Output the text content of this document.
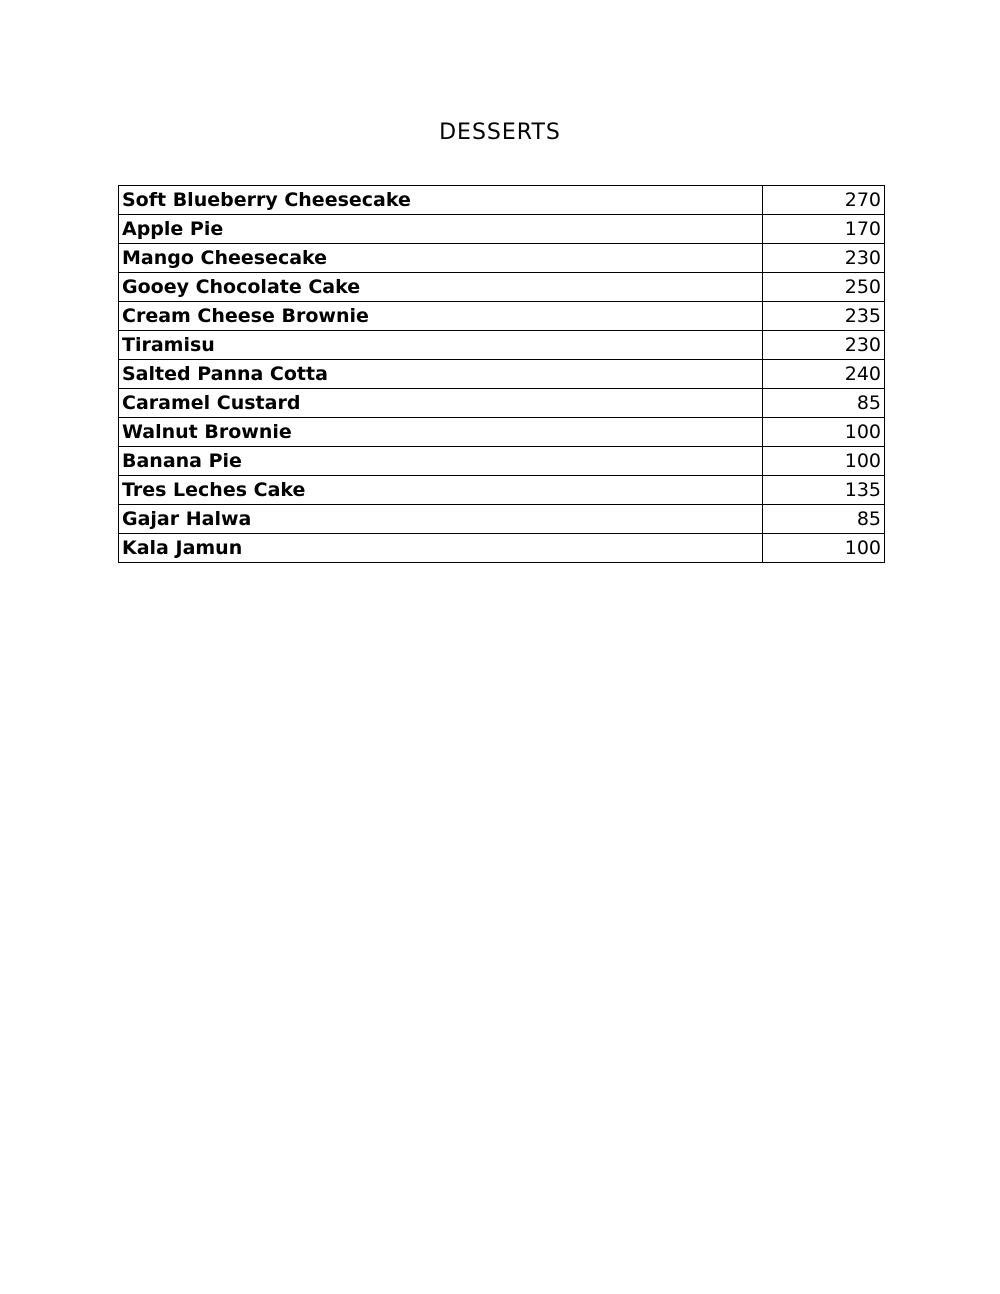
DESSERTS
Soft Blueberry Cheesecake	270
Apple Pie	170
Mango Cheesecake	230
Gooey Chocolate Cake	250
Cream Cheese Brownie	235
Tiramisu	230
Salted Panna Cotta	240
Caramel Custard	85
Walnut Brownie	100
Banana Pie	100
Tres Leches Cake	135
Gajar Halwa	85
Kala Jamun	100
